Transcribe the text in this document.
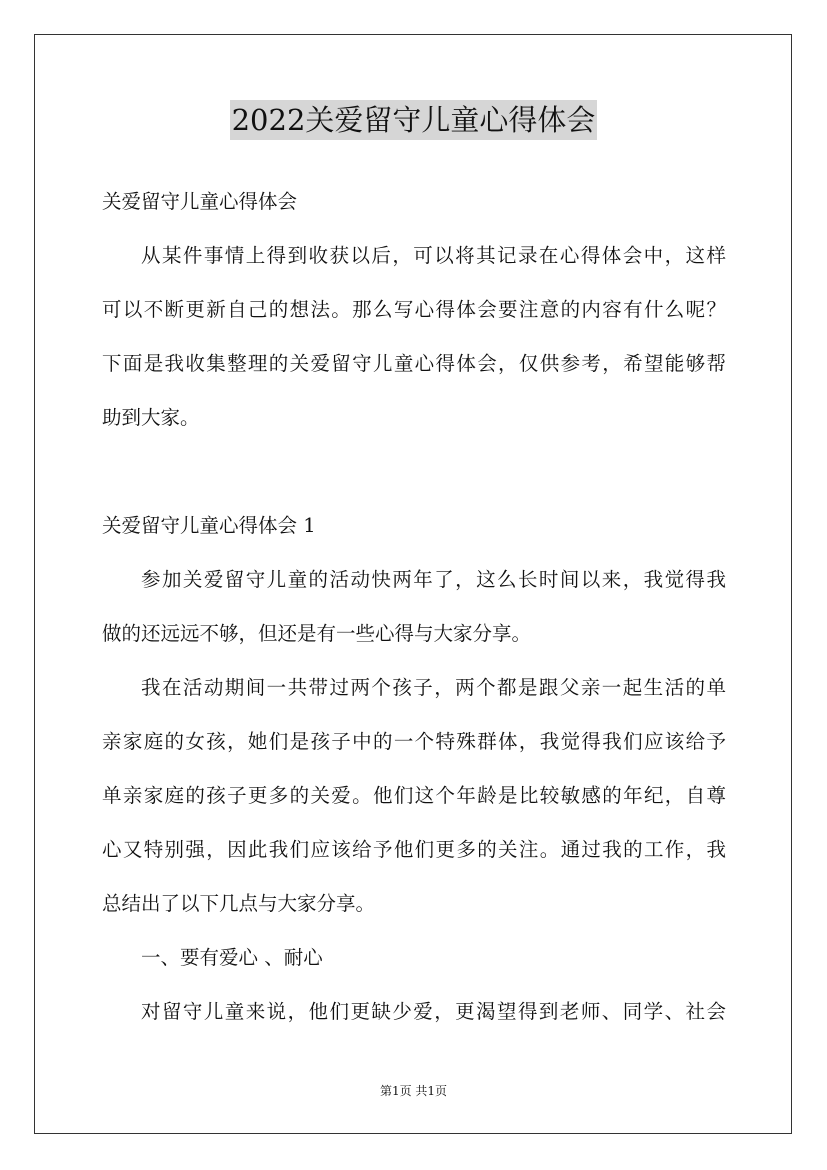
2022关爱留守儿童心得体会

关爱留守儿童心得体会

从某件事情上得到收获以后，可以将其记录在心得体会中，这样

可以不断更新自己的想法。那么写心得体会要注意的内容有什么呢？

下面是我收集整理的关爱留守儿童心得体会，仅供参考，希望能够帮

助到大家。

关爱留守儿童心得体会 1

参加关爱留守儿童的活动快两年了，这么长时间以来，我觉得我

做的还远远不够，但还是有一些心得与大家分享。

我在活动期间一共带过两个孩子，两个都是跟父亲一起生活的单

亲家庭的女孩，她们是孩子中的一个特殊群体，我觉得我们应该给予

单亲家庭的孩子更多的关爱。他们这个年龄是比较敏感的年纪，自尊

心又特别强，因此我们应该给予他们更多的关注。通过我的工作，我

总结出了以下几点与大家分享。

一、要有爱心 、耐心

对留守儿童来说，他们更缺少爱，更渴望得到老师、同学、社会

第1页 共1页
